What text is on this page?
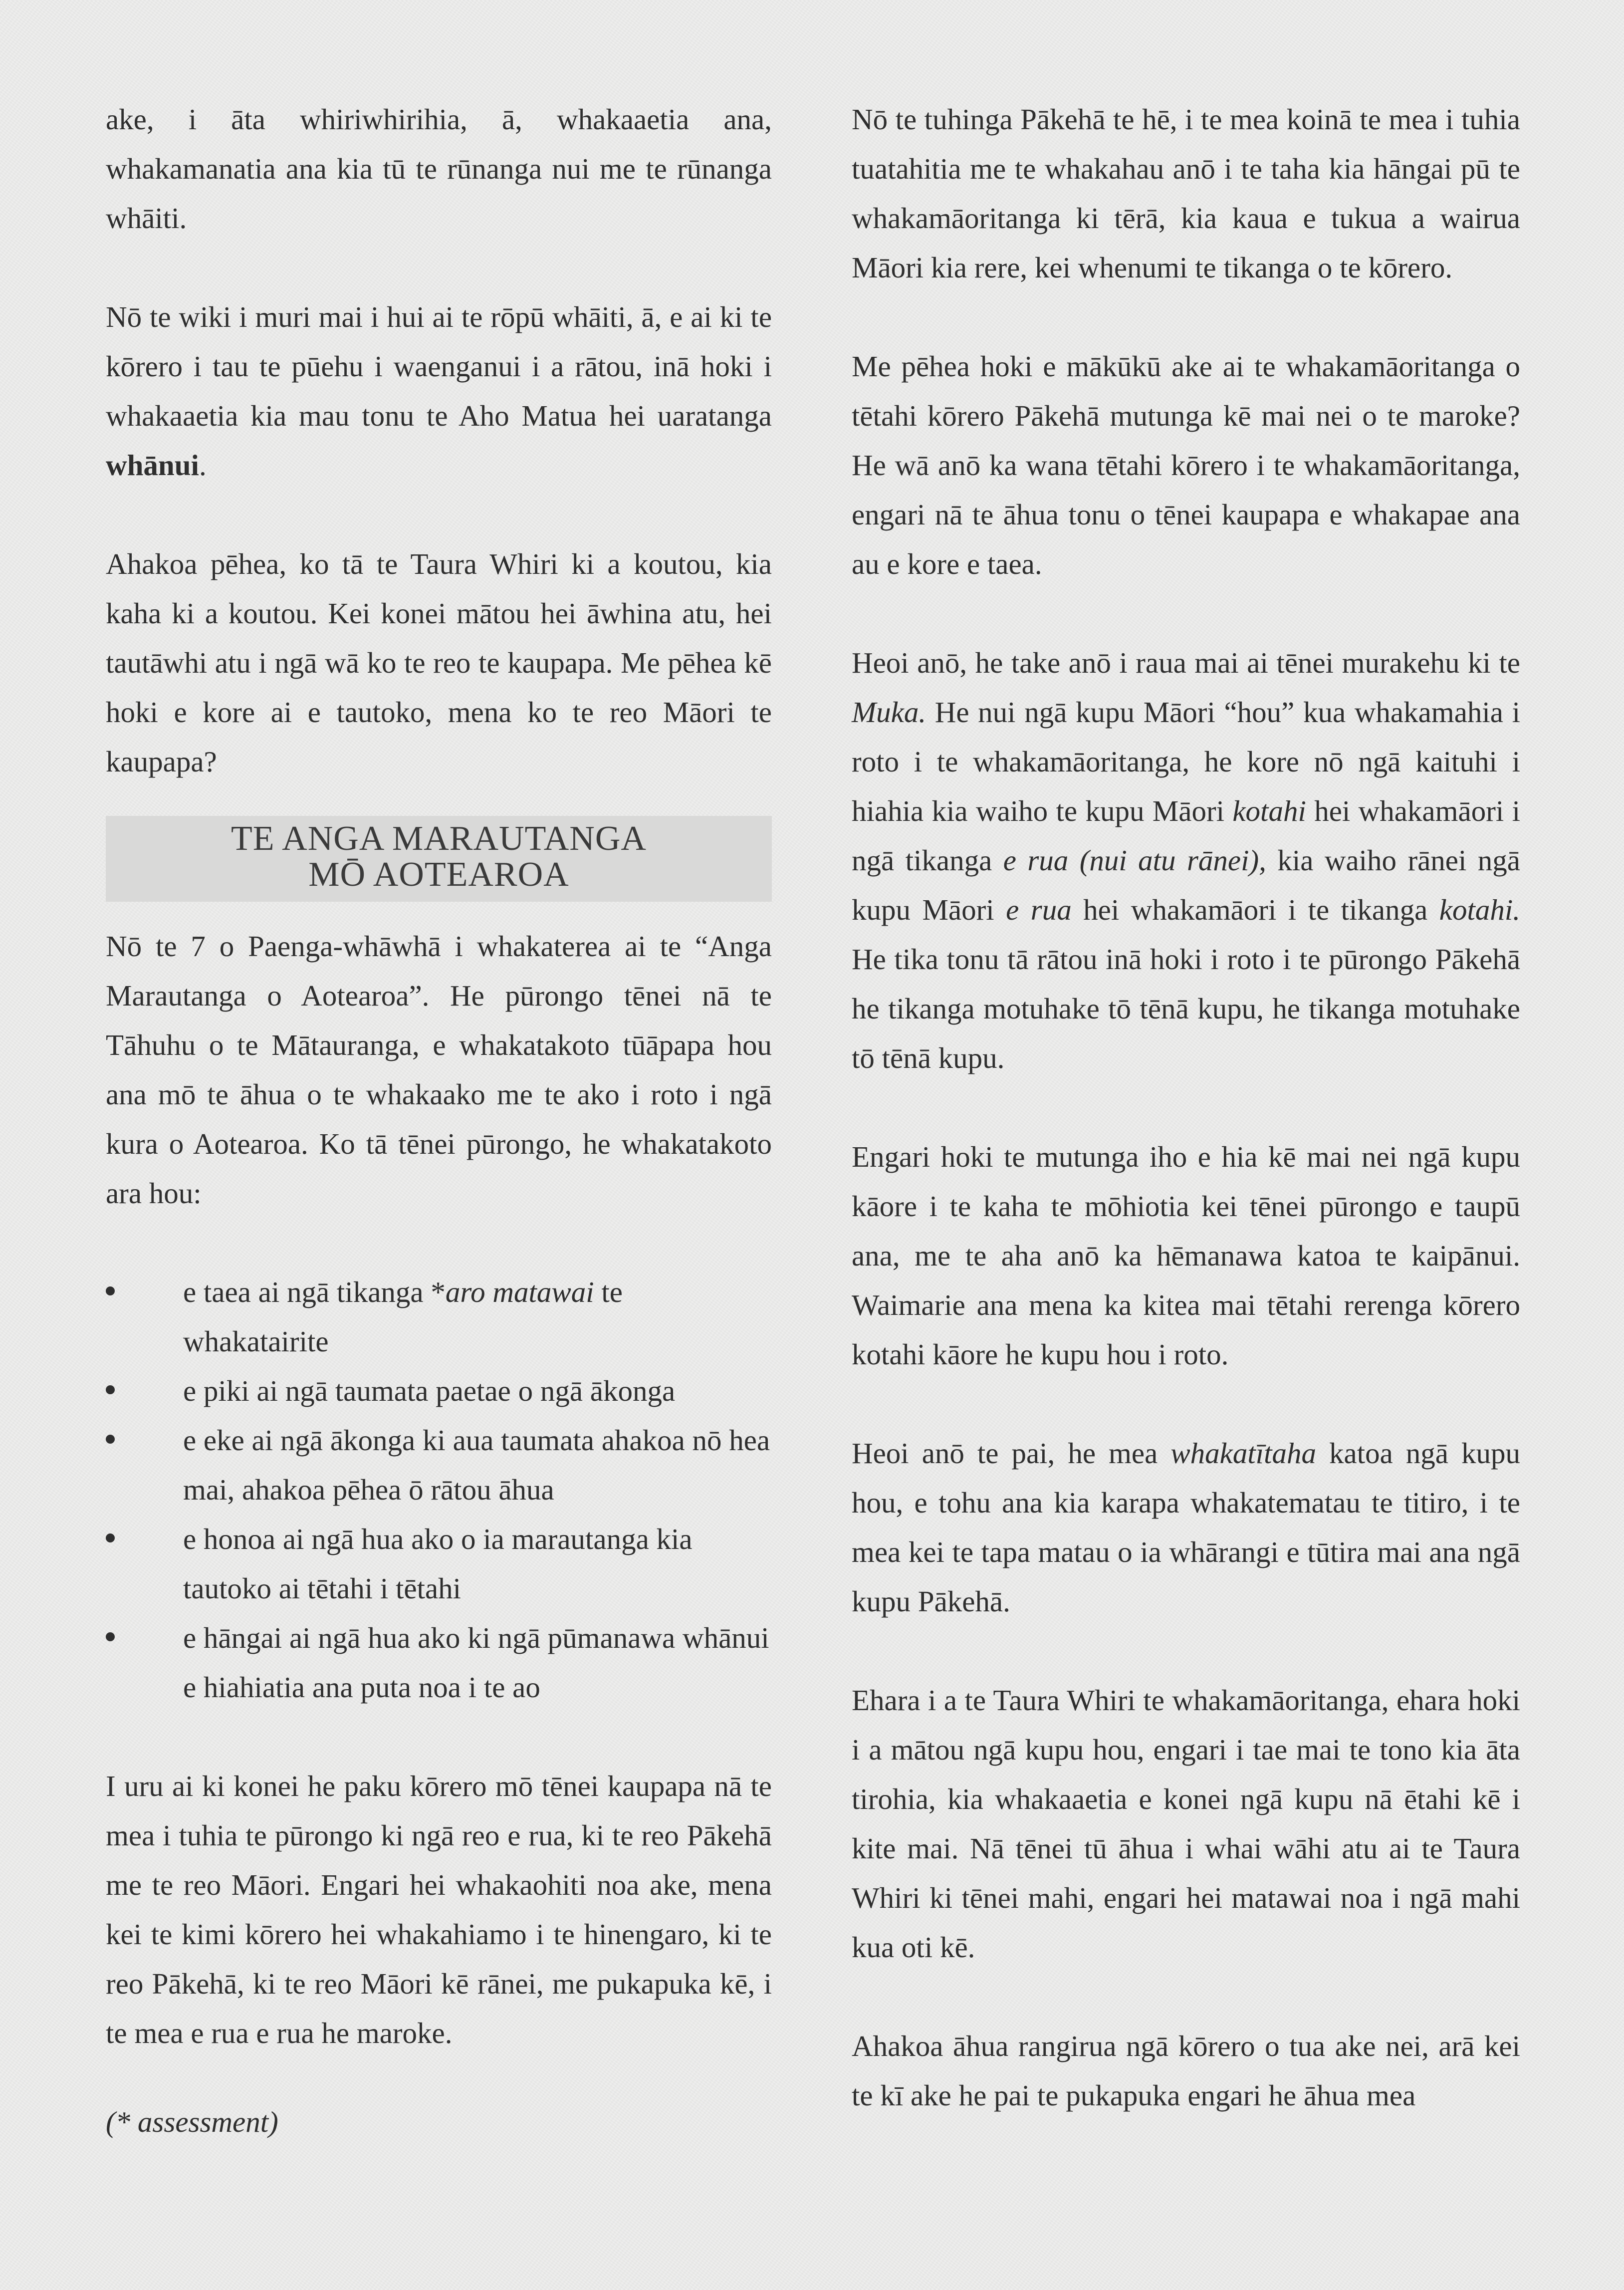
ake, i āta whiriwhirihia, ā, whakaaetia ana, whakamanatia ana kia tū te rūnanga nui me te rūnanga whāiti.

Nō te wiki i muri mai i hui ai te rōpū whāiti, ā, e ai ki te kōrero i tau te pūehu i waenganui i a rātou, inā hoki i whakaaetia kia mau tonu te Aho Matua hei uaratanga whānui.

Ahakoa pēhea, ko tā te Taura Whiri ki a koutou, kia kaha ki a koutou. Kei konei mātou hei āwhina atu, hei tautāwhi atu i ngā wā ko te reo te kaupapa. Me pēhea kē hoki e kore ai e tautoko, mena ko te reo Māori te kaupapa?

TE ANGA MARAUTANGA
MŌ AOTEAROA

Nō te 7 o Paenga-whāwhā i whakaterea ai te “Anga Marautanga o Aotearoa”. He pūrongo tēnei nā te Tāhuhu o te Mātauranga, e whakatakoto tūāpapa hou ana mō te āhua o te whakaako me te ako i roto i ngā kura o Aotearoa. Ko tā tēnei pūrongo, he whakatakoto ara hou:

e taea ai ngā tikanga *aro matawai te whakatairite
e piki ai ngā taumata paetae o ngā ākonga
e eke ai ngā ākonga ki aua taumata ahakoa nō hea mai, ahakoa pēhea ō rātou āhua
e honoa ai ngā hua ako o ia marautanga kia tautoko ai tētahi i tētahi
e hāngai ai ngā hua ako ki ngā pūmanawa whānui e hiahiatia ana puta noa i te ao

I uru ai ki konei he paku kōrero mō tēnei kaupapa nā te mea i tuhia te pūrongo ki ngā reo e rua, ki te reo Pākehā me te reo Māori. Engari hei whakaohiti noa ake, mena kei te kimi kōrero hei whakahiamo i te hinengaro, ki te reo Pākehā, ki te reo Māori kē rānei, me pukapuka kē, i te mea e rua e rua he maroke.

(* assessment)

Nō te tuhinga Pākehā te hē, i te mea koinā te mea i tuhia tuatahitia me te whakahau anō i te taha kia hāngai pū te whakamāoritanga ki tērā, kia kaua e tukua a wairua Māori kia rere, kei whenumi te tikanga o te kōrero.

Me pēhea hoki e mākūkū ake ai te whakamāoritanga o tētahi kōrero Pākehā mutunga kē mai nei o te maroke? He wā anō ka wana tētahi kōrero i te whakamāoritanga, engari nā te āhua tonu o tēnei kaupapa e whakapae ana au e kore e taea.

Heoi anō, he take anō i raua mai ai tēnei murakehu ki te Muka. He nui ngā kupu Māori “hou” kua whakamahia i roto i te whakamāoritanga, he kore nō ngā kaituhi i hiahia kia waiho te kupu Māori kotahi hei whakamāori i ngā tikanga e rua (nui atu rānei), kia waiho rānei ngā kupu Māori e rua hei whakamāori i te tikanga kotahi. He tika tonu tā rātou inā hoki i roto i te pūrongo Pākehā he tikanga motuhake tō tēnā kupu, he tikanga motuhake tō tēnā kupu.

Engari hoki te mutunga iho e hia kē mai nei ngā kupu kāore i te kaha te mōhiotia kei tēnei pūrongo e taupū ana, me te aha anō ka hēmanawa katoa te kaipānui. Waimarie ana mena ka kitea mai tētahi rerenga kōrero kotahi kāore he kupu hou i roto.

Heoi anō te pai, he mea whakatītaha katoa ngā kupu hou, e tohu ana kia karapa whakatematau te titiro, i te mea kei te tapa matau o ia whārangi e tūtira mai ana ngā kupu Pākehā.

Ehara i a te Taura Whiri te whakamāoritanga, ehara hoki i a mātou ngā kupu hou, engari i tae mai te tono kia āta tirohia, kia whakaaetia e konei ngā kupu nā ētahi kē i kite mai. Nā tēnei tū āhua i whai wāhi atu ai te Taura Whiri ki tēnei mahi, engari hei matawai noa i ngā mahi kua oti kē.

Ahakoa āhua rangirua ngā kōrero o tua ake nei, arā kei te kī ake he pai te pukapuka engari he āhua mea
